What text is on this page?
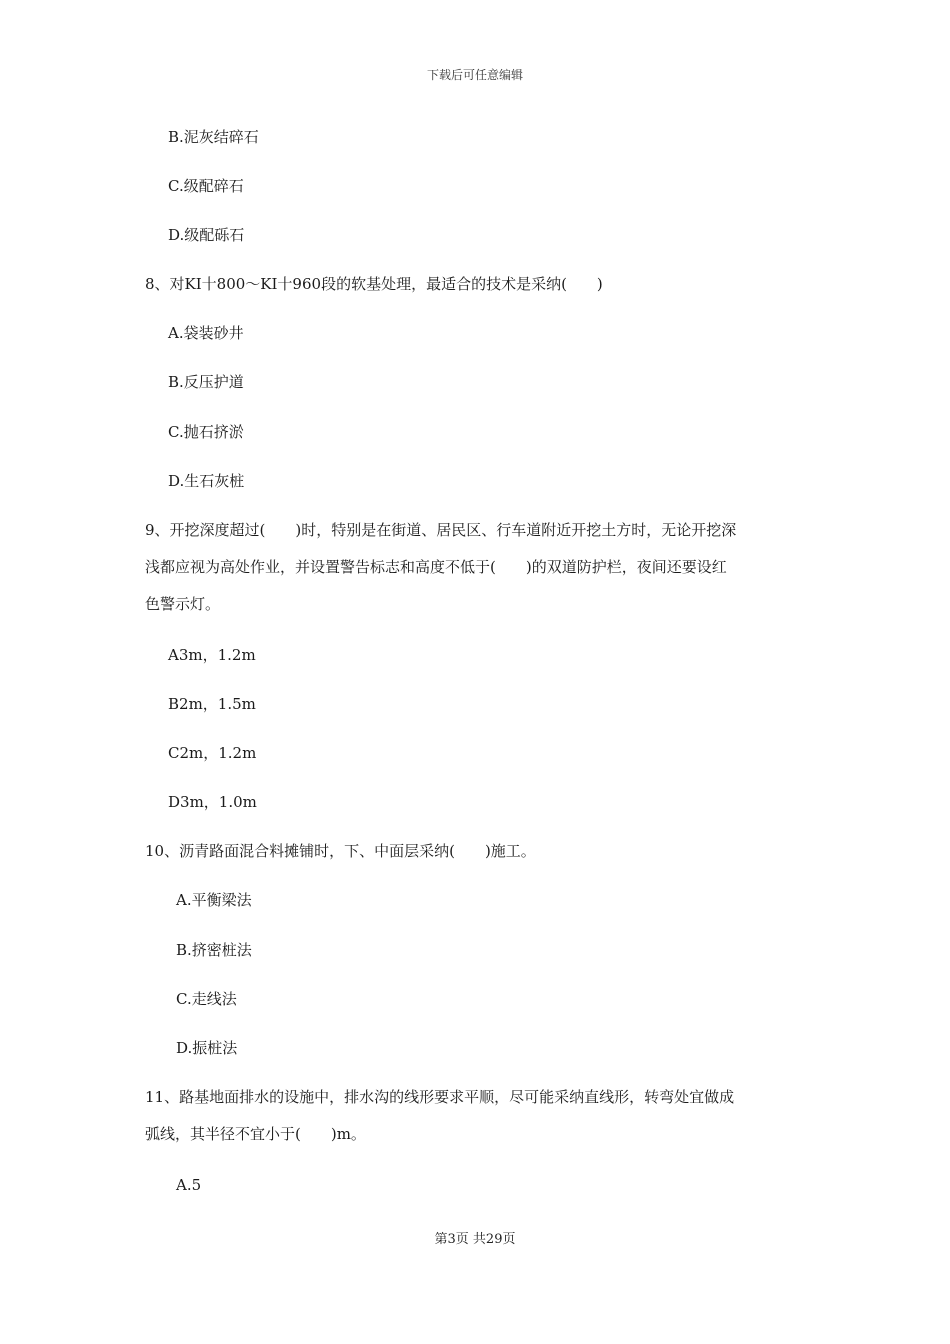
下载后可任意编辑
B.泥灰结碎石
C.级配碎石
D.级配砾石
8、对KI十800～KI十960段的软基处理，最适合的技术是采纳(　　)
A.袋装砂井
B.反压护道
C.抛石挤淤
D.生石灰桩
9、开挖深度超过(　　)时，特别是在街道、居民区、行车道附近开挖土方时，无论开挖深
浅都应视为高处作业，并设置警告标志和高度不低于(　　)的双道防护栏，夜间还要设红
色警示灯。
A3m，1.2m
B2m，1.5m
C2m，1.2m
D3m，1.0m
10、沥青路面混合料摊铺时，下、中面层采纳(　　)施工。
A.平衡梁法
B.挤密桩法
C.走线法
D.振桩法
11、路基地面排水的设施中，排水沟的线形要求平顺，尽可能采纳直线形，转弯处宜做成
弧线，其半径不宜小于(　　)m。
A.5
第3页 共29页
